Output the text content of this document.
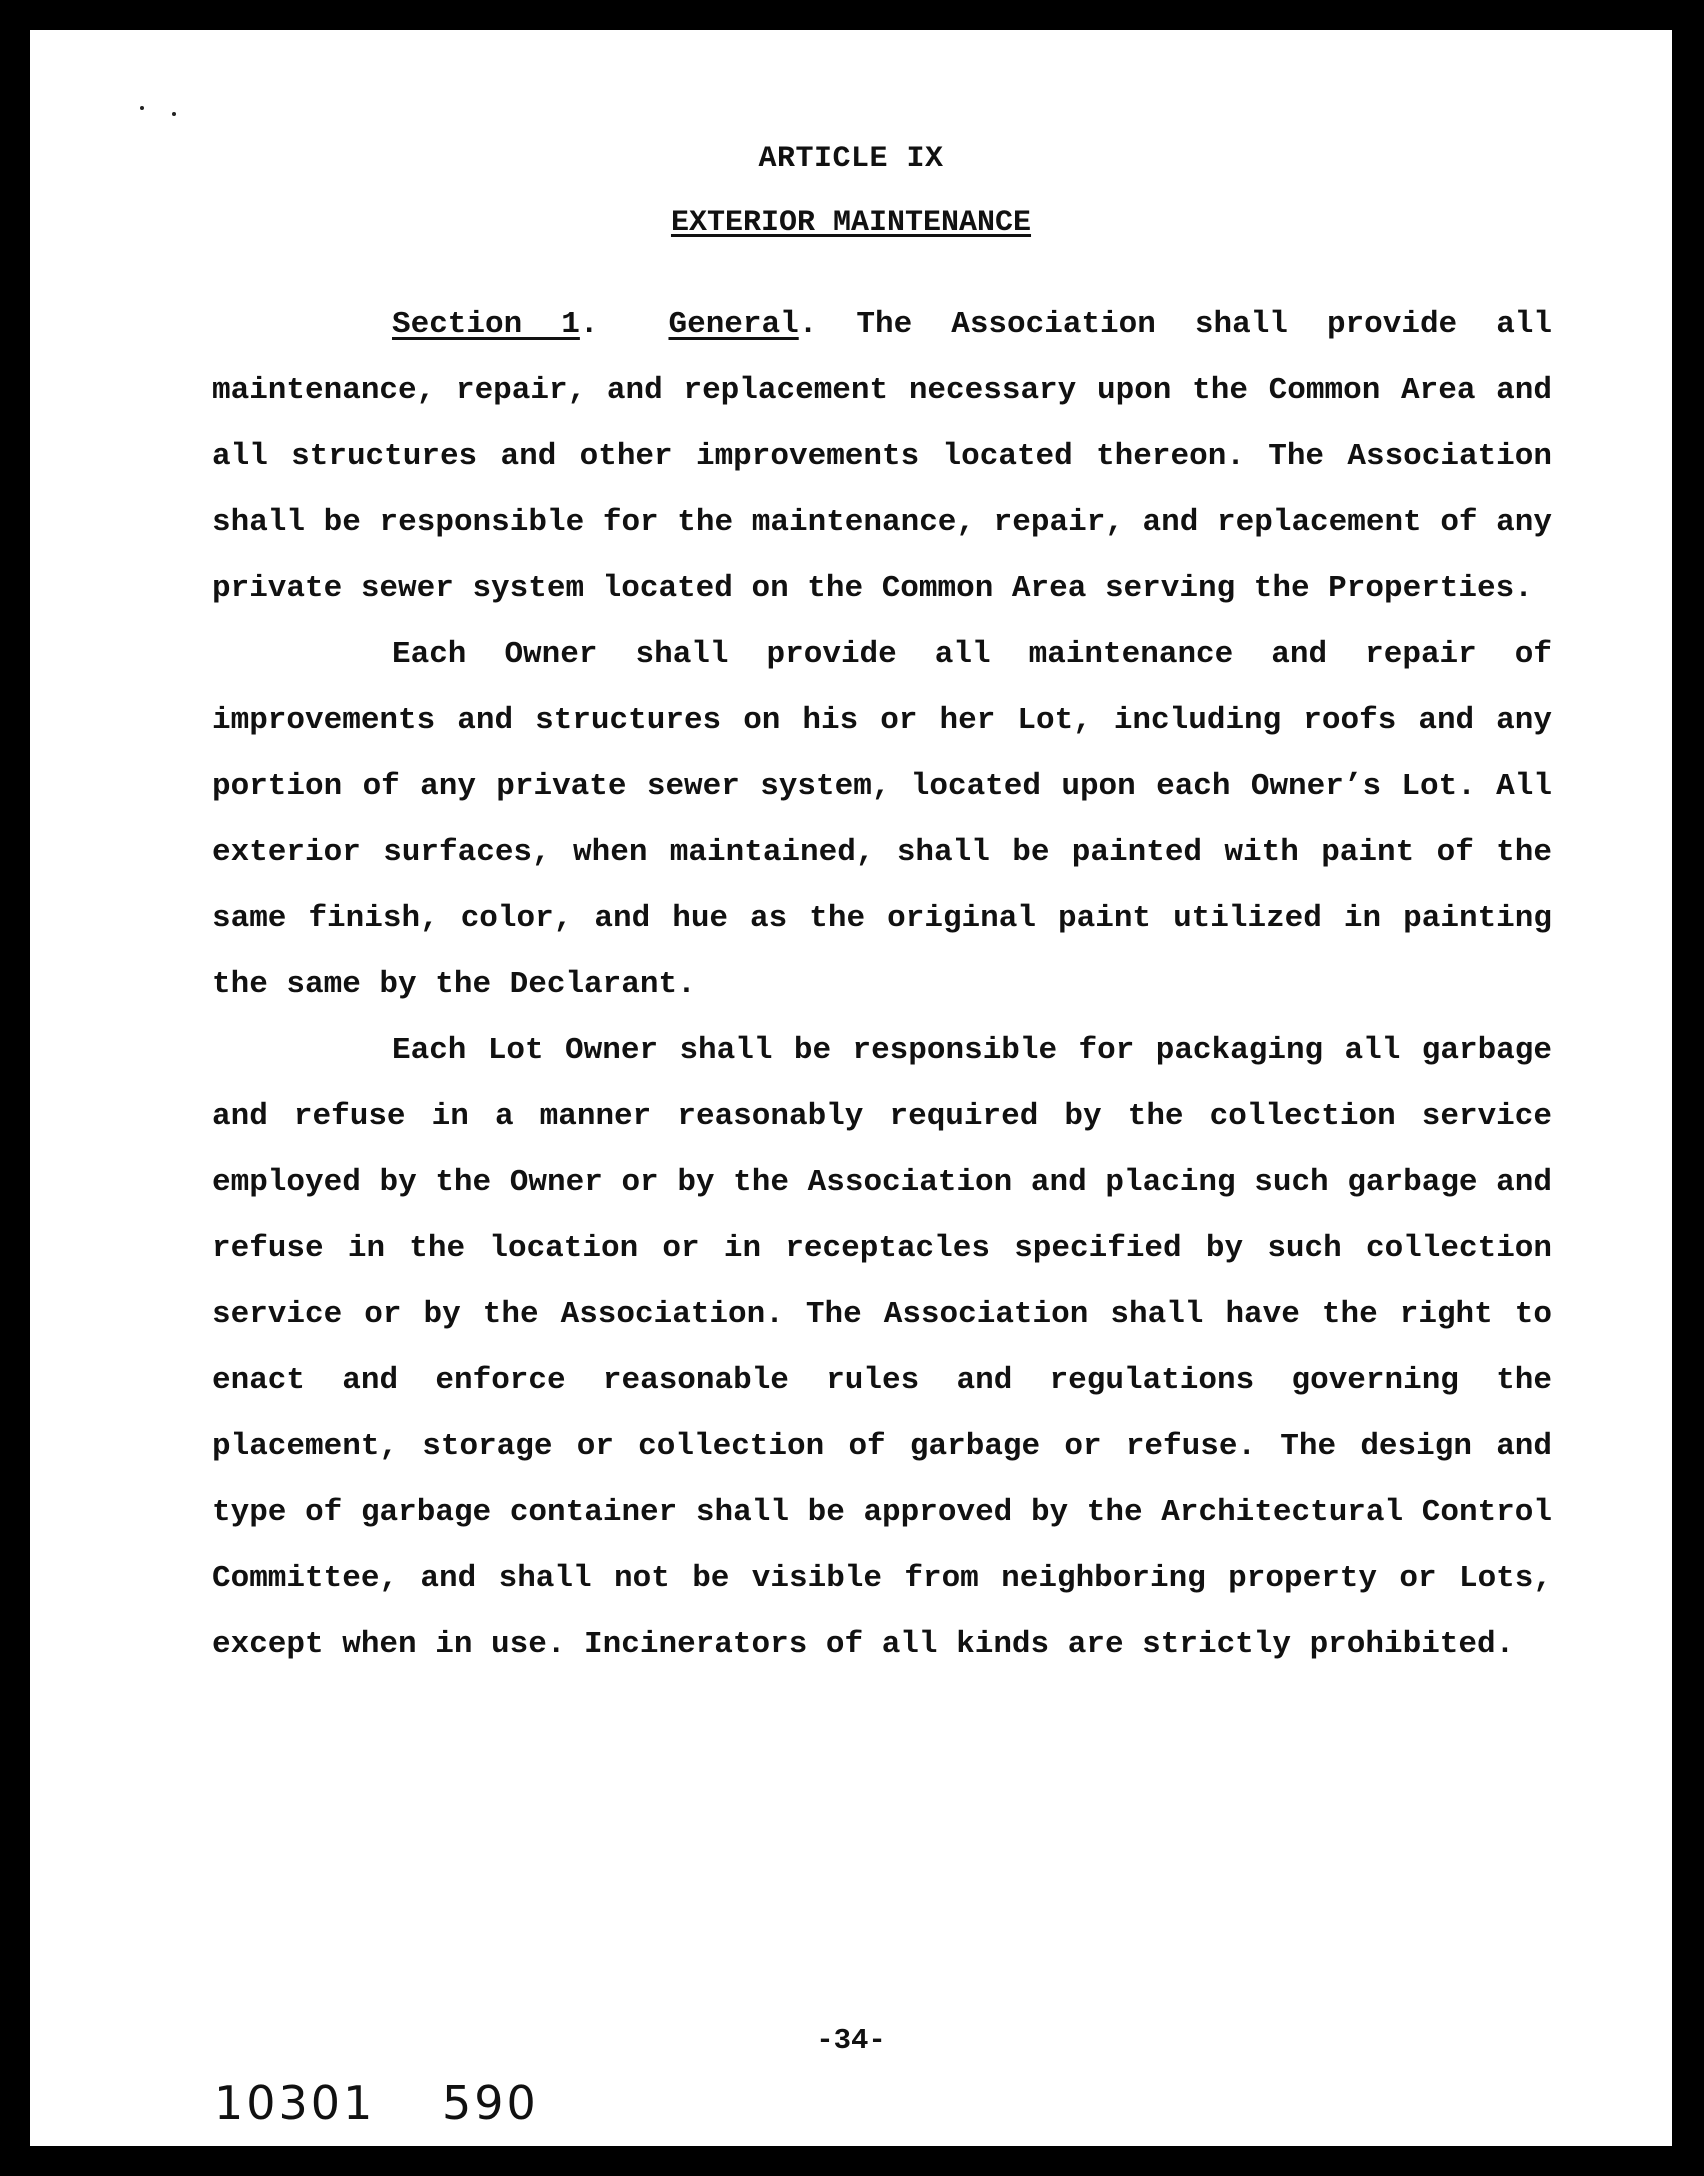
ARTICLE IX
EXTERIOR MAINTENANCE

Section 1. General. The Association shall provide all maintenance, repair, and replacement necessary upon the Common Area and all structures and other improvements located thereon. The Association shall be responsible for the maintenance, repair, and replacement of any private sewer system located on the Common Area serving the Properties.

Each Owner shall provide all maintenance and repair of improvements and structures on his or her Lot, including roofs and any portion of any private sewer system, located upon each Owner’s Lot. All exterior surfaces, when maintained, shall be painted with paint of the same finish, color, and hue as the original paint utilized in painting the same by the Declarant.

Each Lot Owner shall be responsible for packaging all garbage and refuse in a manner reasonably required by the collection service employed by the Owner or by the Association and placing such garbage and refuse in the location or in receptacles specified by such collection service or by the Association. The Association shall have the right to enact and enforce reasonable rules and regulations governing the placement, storage or collection of garbage or refuse. The design and type of garbage container shall be approved by the Architectural Control Committee, and shall not be visible from neighboring property or Lots, except when in use. Incinerators of all kinds are strictly prohibited.

-34-
10301 590
